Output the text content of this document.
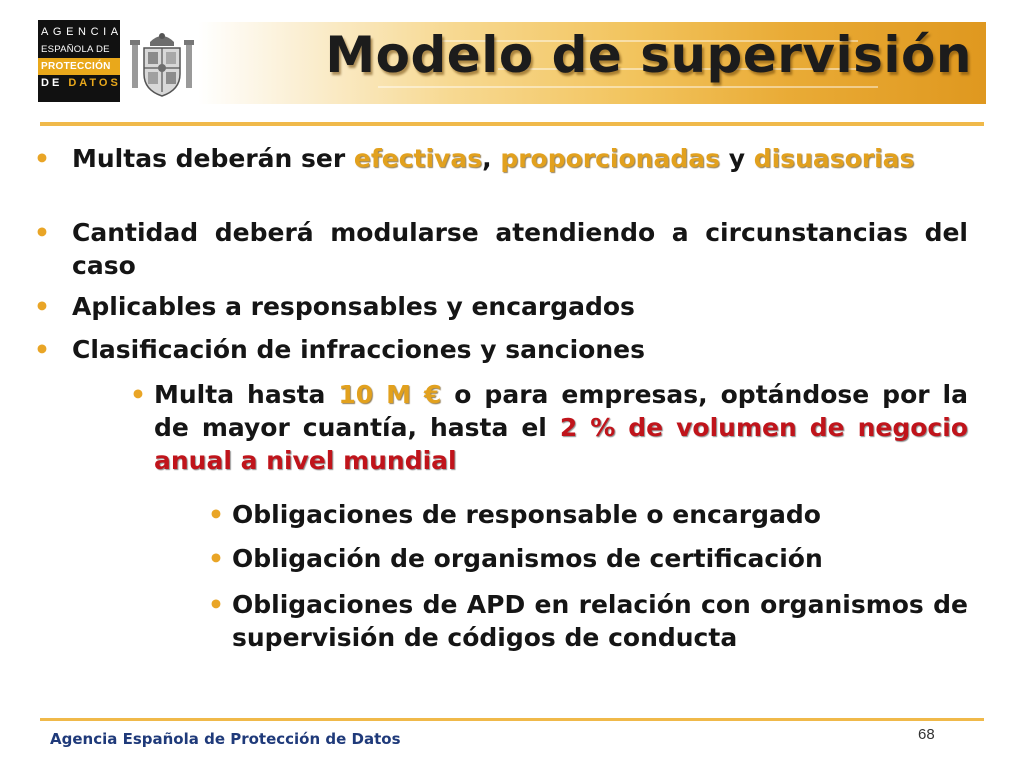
AGENCIA
ESPAÑOLA DE
PROTECCIÓN
DE DATOS	Modelo de supervisión
• Multas deberán ser efectivas, proporcionadas y disuasorias
• Cantidad deberá modularse atendiendo a circunstancias del caso
• Aplicables a responsables y encargados
• Clasificación de infracciones y sanciones
• Multa hasta 10 M € o para empresas, optándose por la de mayor cuantía, hasta el 2 % de volumen de negocio anual a nivel mundial
• Obligaciones de responsable o encargado
• Obligación de organismos de certificación
• Obligaciones de APD en relación con organismos de supervisión de códigos de conducta
Agencia Española de Protección de Datos	68
